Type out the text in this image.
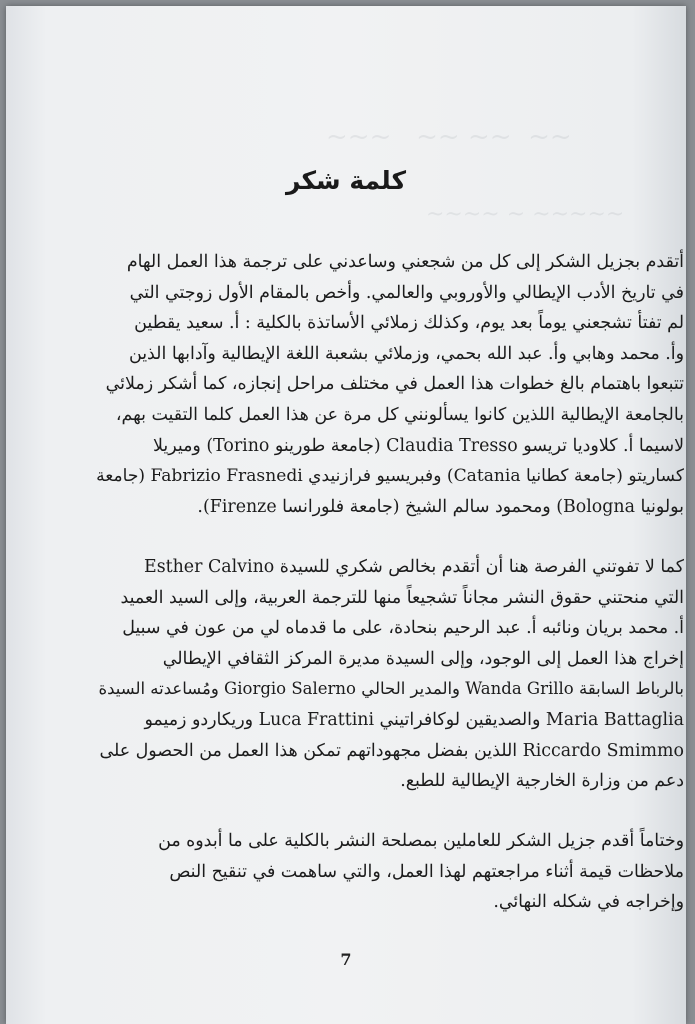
​~~~   ~~ ~~  ~~
​~~~~ ~ ~~~~~
كلمة شكر
أتقدم بجزيل الشكر إلى كل من شجعني وساعدني على ترجمة هذا العمل الهام
في تاريخ الأدب الإيطالي والأوروبي والعالمي. وأخص بالمقام الأول زوجتي التي
لم تفتأ تشجعني يوماً بعد يوم، وكذلك زملائي الأساتذة بالكلية : أ. سعيد يقطين
وأ. محمد وهابي وأ. عبد الله بحمي، وزملائي بشعبة اللغة الإيطالية وآدابها الذين
تتبعوا باهتمام بالغ خطوات هذا العمل في مختلف مراحل إنجازه، كما أشكر زملائي
بالجامعة الإيطالية اللذين كانوا يسألونني كل مرة عن هذا العمل كلما التقيت بهم،
لاسيما أ. كلاوديا تريسو Claudia Tresso (جامعة طورينو Torino) وميريلا
كساريتو (جامعة كطانيا Catania) وفبريسيو فرازنيدي Fabrizio Frasnedi (جامعة
بولونيا Bologna) ومحمود سالم الشيخ (جامعة فلورانسا Firenze).
كما لا تفوتني الفرصة هنا أن أتقدم بخالص شكري للسيدة Esther Calvino
التي منحتني حقوق النشر مجاناً تشجيعاً منها للترجمة العربية، وإلى السيد العميد
أ. محمد بريان ونائبه أ. عبد الرحيم بنحادة، على ما قدماه لي من عون في سبيل
إخراج هذا العمل إلى الوجود، وإلى السيدة مديرة المركز الثقافي الإيطالي
بالرباط السابقة Wanda Grillo والمدير الحالي Giorgio Salerno ومُساعدته السيدة
Maria Battaglia والصديقين لوكافراتيني Luca Frattini وريكاردو زميمو
Riccardo Smimmo اللذين بفضل مجهوداتهم تمكن هذا العمل من الحصول على
دعم من وزارة الخارجية الإيطالية للطبع.
وختاماً أقدم جزيل الشكر للعاملين بمصلحة النشر بالكلية على ما أبدوه من
ملاحظات قيمة أثناء مراجعتهم لهذا العمل، والتي ساهمت في تنقيح النص
وإخراجه في شكله النهائي.

7
